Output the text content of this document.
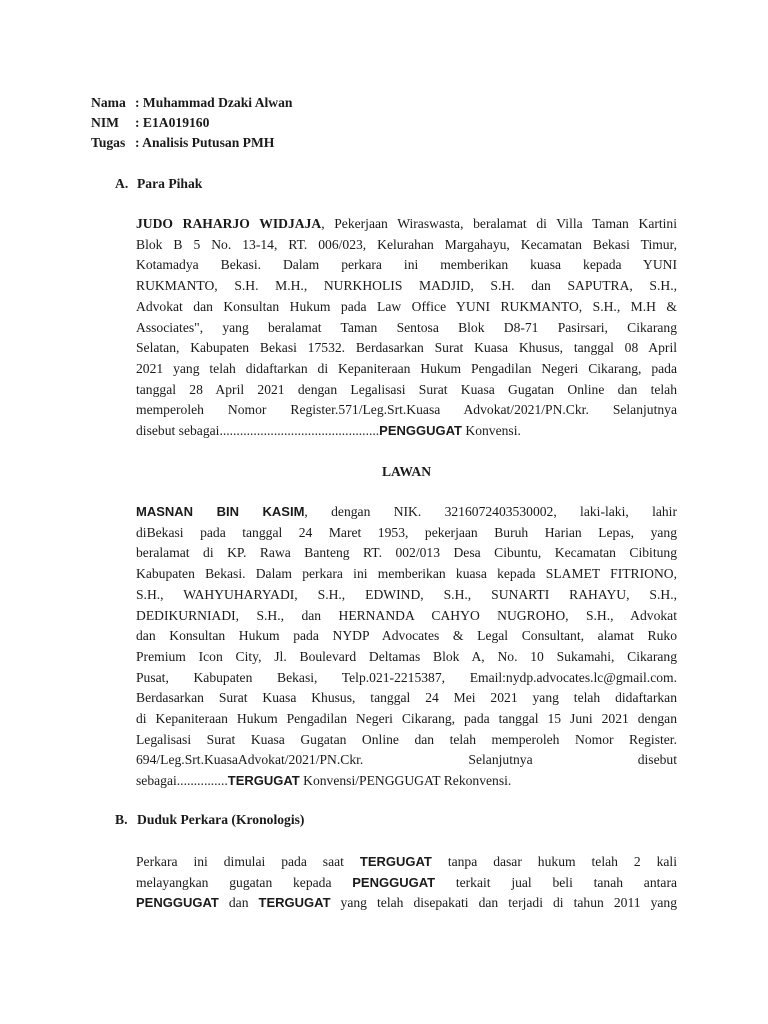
Nama : Muhammad Dzaki Alwan
NIM	: E1A019160
Tugas : Analisis Putusan PMH
A. Para Pihak
JUDO RAHARJO WIDJAJA, Pekerjaan Wiraswasta, beralamat di Villa Taman Kartini
Blok B 5 No. 13-14, RT. 006/023, Kelurahan Margahayu, Kecamatan Bekasi Timur,
Kotamadya Bekasi. Dalam perkara ini memberikan kuasa kepada YUNI
RUKMANTO, S.H. M.H., NURKHOLIS MADJID, S.H. dan SAPUTRA, S.H.,
Advokat dan Konsultan Hukum pada Law Office YUNI RUKMANTO, S.H., M.H &
Associates", yang beralamat Taman Sentosa Blok D8-71 Pasirsari, Cikarang
Selatan, Kabupaten Bekasi 17532. Berdasarkan Surat Kuasa Khusus, tanggal 08 April
2021 yang telah didaftarkan di Kepaniteraan Hukum Pengadilan Negeri Cikarang, pada
tanggal 28 April 2021 dengan Legalisasi Surat Kuasa Gugatan Online dan telah
memperoleh Nomor Register.571/Leg.Srt.Kuasa Advokat/2021/PN.Ckr. Selanjutnya
disebut sebagai...............................................PENGGUGAT Konvensi.
LAWAN
MASNAN BIN KASIM, dengan NIK. 3216072403530002, laki-laki, lahir
diBekasi pada tanggal 24 Maret 1953, pekerjaan Buruh Harian Lepas, yang
beralamat di KP. Rawa Banteng RT. 002/013 Desa Cibuntu, Kecamatan Cibitung
Kabupaten Bekasi. Dalam perkara ini memberikan kuasa kepada SLAMET FITRIONO,
S.H., WAHYUHARYADI, S.H., EDWIND, S.H., SUNARTI RAHAYU, S.H.,
DEDIKURNIADI, S.H., dan HERNANDA CAHYO NUGROHO, S.H., Advokat
dan Konsultan Hukum pada NYDP Advocates & Legal Consultant, alamat Ruko
Premium Icon City, Jl. Boulevard Deltamas Blok A, No. 10 Sukamahi, Cikarang
Pusat, Kabupaten Bekasi, Telp.021-2215387, Email:nydp.advocates.lc@gmail.com.
Berdasarkan Surat Kuasa Khusus, tanggal 24 Mei 2021 yang telah didaftarkan
di Kepaniteraan Hukum Pengadilan Negeri Cikarang, pada tanggal 15 Juni 2021 dengan
Legalisasi Surat Kuasa Gugatan Online dan telah memperoleh Nomor Register.
694/Leg.Srt.KuasaAdvokat/2021/PN.Ckr. Selanjutnya disebut
sebagai...............TERGUGAT Konvensi/PENGGUGAT Rekonvensi.
B. Duduk Perkara (Kronologis)
Perkara ini dimulai pada saat TERGUGAT tanpa dasar hukum telah 2 kali
melayangkan gugatan kepada PENGGUGAT terkait jual beli tanah antara
PENGGUGAT dan TERGUGAT yang telah disepakati dan terjadi di tahun 2011 yang
